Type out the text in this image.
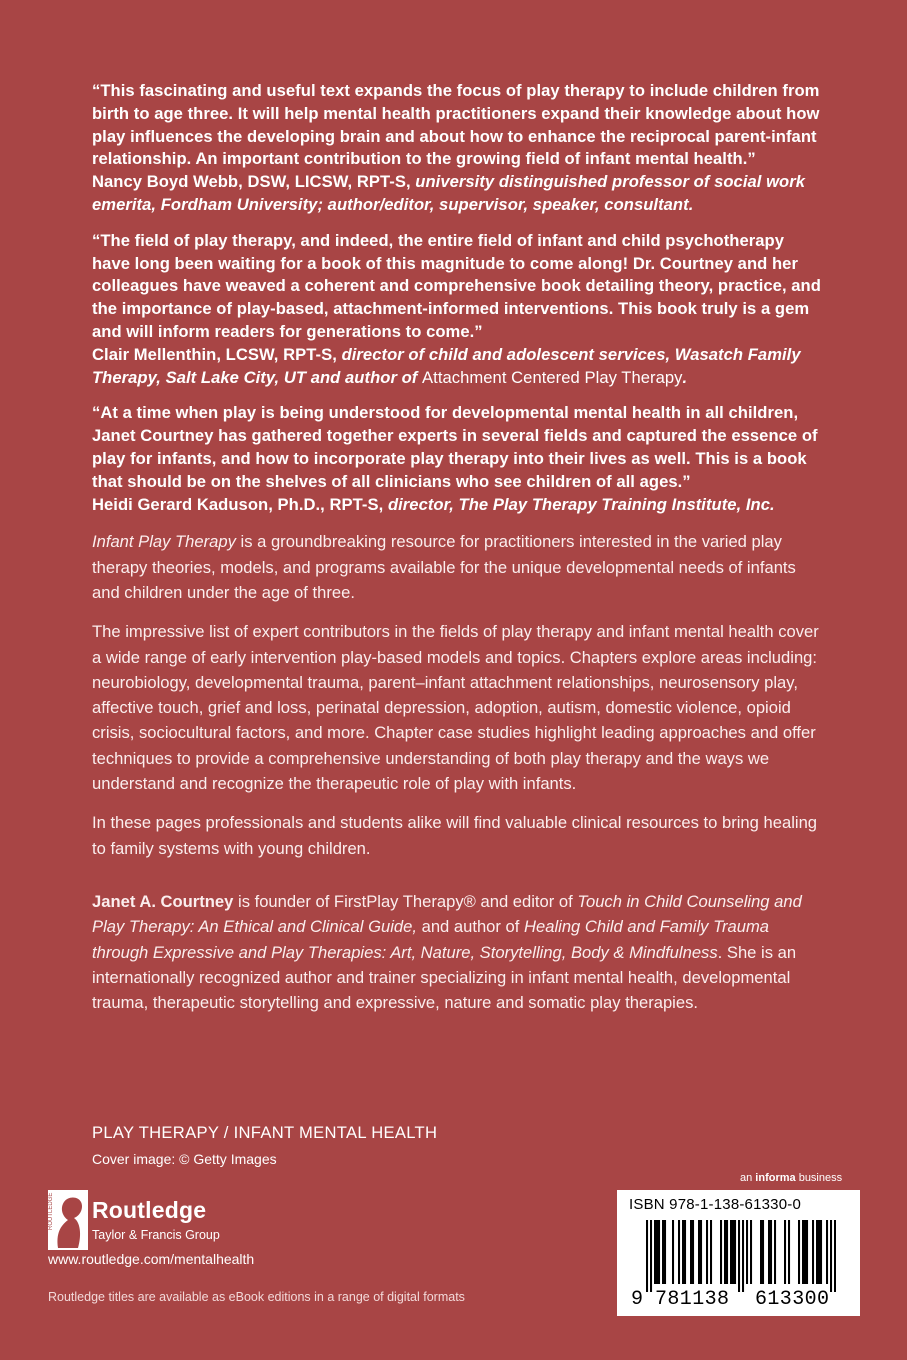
“This fascinating and useful text expands the focus of play therapy to include children from birth to age three. It will help mental health practitioners expand their knowledge about how play influences the developing brain and about how to enhance the reciprocal parent-infant relationship. An important contribution to the growing field of infant mental health.”
Nancy Boyd Webb, DSW, LICSW, RPT-S, university distinguished professor of social work emerita, Fordham University; author/editor, supervisor, speaker, consultant.

“The field of play therapy, and indeed, the entire field of infant and child psychotherapy have long been waiting for a book of this magnitude to come along! Dr. Courtney and her colleagues have weaved a coherent and comprehensive book detailing theory, practice, and the importance of play-based, attachment-informed interventions. This book truly is a gem and will inform readers for generations to come.”
Clair Mellenthin, LCSW, RPT-S, director of child and adolescent services, Wasatch Family Therapy, Salt Lake City, UT and author of Attachment Centered Play Therapy.

“At a time when play is being understood for developmental mental health in all children, Janet Courtney has gathered together experts in several fields and captured the essence of play for infants, and how to incorporate play therapy into their lives as well. This is a book that should be on the shelves of all clinicians who see children of all ages.”
Heidi Gerard Kaduson, Ph.D., RPT-S, director, The Play Therapy Training Institute, Inc.

Infant Play Therapy is a groundbreaking resource for practitioners interested in the varied play therapy theories, models, and programs available for the unique developmental needs of infants and children under the age of three.

The impressive list of expert contributors in the fields of play therapy and infant mental health cover a wide range of early intervention play-based models and topics. Chapters explore areas including: neurobiology, developmental trauma, parent–infant attachment relationships, neurosensory play, affective touch, grief and loss, perinatal depression, adoption, autism, domestic violence, opioid crisis, sociocultural factors, and more. Chapter case studies highlight leading approaches and offer techniques to provide a comprehensive understanding of both play therapy and the ways we understand and recognize the therapeutic role of play with infants.

In these pages professionals and students alike will find valuable clinical resources to bring healing to family systems with young children.

Janet A. Courtney is founder of FirstPlay Therapy® and editor of Touch in Child Counseling and Play Therapy: An Ethical and Clinical Guide, and author of Healing Child and Family Trauma through Expressive and Play Therapies: Art, Nature, Storytelling, Body & Mindfulness. She is an internationally recognized author and trainer specializing in infant mental health, developmental trauma, therapeutic storytelling and expressive, nature and somatic play therapies.

PLAY THERAPY / INFANT MENTAL HEALTH
Cover image: © Getty Images
an informa business
ROUTLEDGE Routledge
Taylor & Francis Group
www.routledge.com/mentalhealth
Routledge titles are available as eBook editions in a range of digital formats
ISBN 978-1-138-61330-0
9 781138 613300
